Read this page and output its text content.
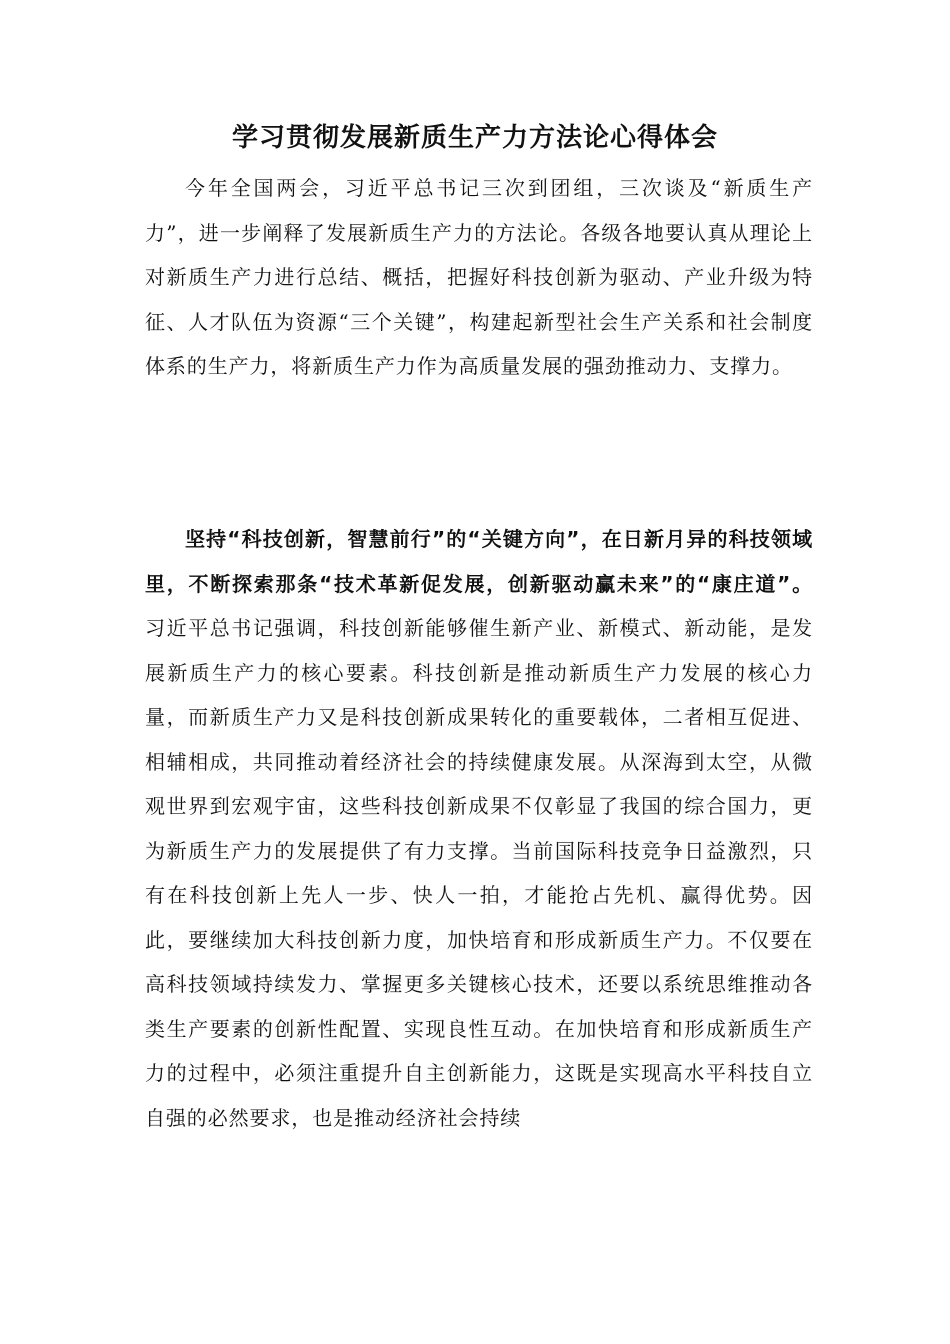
学习贯彻发展新质生产力方法论心得体会

今年全国两会，习近平总书记三次到团组，三次谈及“新质生产力”，进一步阐释了发展新质生产力的方法论。各级各地要认真从理论上对新质生产力进行总结、概括，把握好科技创新为驱动、产业升级为特征、人才队伍为资源“三个关键”，构建起新型社会生产关系和社会制度体系的生产力，将新质生产力作为高质量发展的强劲推动力、支撑力。

坚持“科技创新，智慧前行”的“关键方向”，在日新月异的科技领域里，不断探索那条“技术革新促发展，创新驱动赢未来”的“康庄道”。 习近平总书记强调，科技创新能够催生新产业、新模式、新动能，是发展新质生产力的核心要素。科技创新是推动新质生产力发展的核心力量，而新质生产力又是科技创新成果转化的重要载体，二者相互促进、相辅相成，共同推动着经济社会的持续健康发展。从深海到太空，从微观世界到宏观宇宙，这些科技创新成果不仅彰显了我国的综合国力，更为新质生产力的发展提供了有力支撑。当前国际科技竞争日益激烈，只有在科技创新上先人一步、快人一拍，才能抢占先机、赢得优势。因此，要继续加大科技创新力度，加快培育和形成新质生产力。不仅要在高科技领域持续发力、掌握更多关键核心技术，还要以系统思维推动各类生产要素的创新性配置、实现良性互动。在加快培育和形成新质生产力的过程中，必须注重提升自主创新能力，这既是实现高水平科技自立自强的必然要求，也是推动经济社会持续
